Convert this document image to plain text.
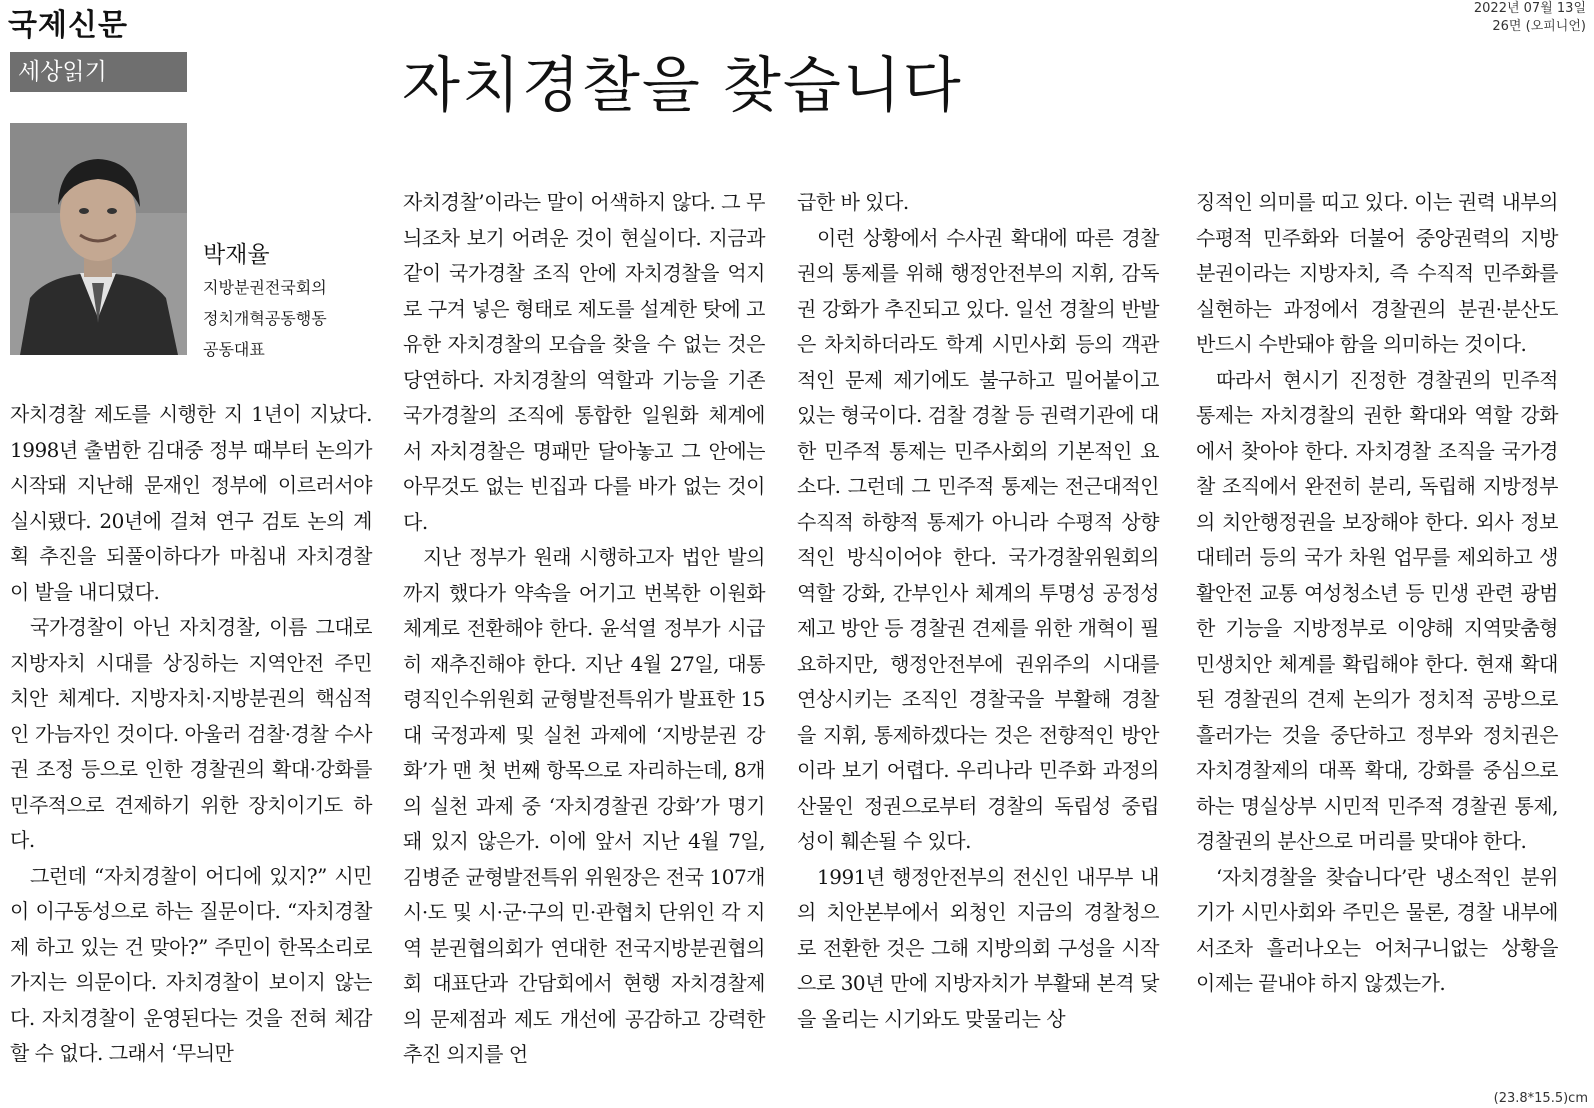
국제신문	2022년 07월 13일
26면 (오피니언)
세상읽기	자치경찰을 찾습니다
박재율
지방분권전국회의
정치개혁공동행동
공동대표

자치경찰 제도를 시행한 지 1년이 지났다. 1998년 출범한 김대중 정부 때부터 논의가 시작돼 지난해 문재인 정부에 이르러서야 실시됐다. 20년에 걸쳐 연구 검토 논의 계획 추진을 되풀이하다가 마침내 자치경찰이 발을 내디뎠다.

국가경찰이 아닌 자치경찰, 이름 그대로 지방자치 시대를 상징하는 지역안전 주민치안 체계다. 지방자치·지방분권의 핵심적인 가늠자인 것이다. 아울러 검찰·경찰 수사권 조정 등으로 인한 경찰권의 확대·강화를 민주적으로 견제하기 위한 장치이기도 하다.

그런데 “자치경찰이 어디에 있지?” 시민이 이구동성으로 하는 질문이다. “자치경찰제 하고 있는 건 맞아?” 주민이 한목소리로 가지는 의문이다. 자치경찰이 보이지 않는다. 자치경찰이 운영된다는 것을 전혀 체감할 수 없다. 그래서 ‘무늬만

자치경찰’이라는 말이 어색하지 않다. 그 무늬조차 보기 어려운 것이 현실이다. 지금과 같이 국가경찰 조직 안에 자치경찰을 억지로 구겨 넣은 형태로 제도를 설계한 탓에 고유한 자치경찰의 모습을 찾을 수 없는 것은 당연하다. 자치경찰의 역할과 기능을 기존 국가경찰의 조직에 통합한 일원화 체계에서 자치경찰은 명패만 달아놓고 그 안에는 아무것도 없는 빈집과 다를 바가 없는 것이다.

지난 정부가 원래 시행하고자 법안 발의까지 했다가 약속을 어기고 번복한 이원화 체계로 전환해야 한다. 윤석열 정부가 시급히 재추진해야 한다. 지난 4월 27일, 대통령직인수위원회 균형발전특위가 발표한 15대 국정과제 및 실천 과제에 ‘지방분권 강화’가 맨 첫 번째 항목으로 자리하는데, 8개의 실천 과제 중 ‘자치경찰권 강화’가 명기돼 있지 않은가. 이에 앞서 지난 4월 7일, 김병준 균형발전특위 위원장은 전국 107개 시·도 및 시·군·구의 민·관협치 단위인 각 지역 분권협의회가 연대한 전국지방분권협의회 대표단과 간담회에서 현행 자치경찰제의 문제점과 제도 개선에 공감하고 강력한 추진 의지를 언

급한 바 있다.

이런 상황에서 수사권 확대에 따른 경찰권의 통제를 위해 행정안전부의 지휘, 감독권 강화가 추진되고 있다. 일선 경찰의 반발은 차치하더라도 학계 시민사회 등의 객관적인 문제 제기에도 불구하고 밀어붙이고 있는 형국이다. 검찰 경찰 등 권력기관에 대한 민주적 통제는 민주사회의 기본적인 요소다. 그런데 그 민주적 통제는 전근대적인 수직적 하향적 통제가 아니라 수평적 상향적인 방식이어야 한다. 국가경찰위원회의 역할 강화, 간부인사 체계의 투명성 공정성 제고 방안 등 경찰권 견제를 위한 개혁이 필요하지만, 행정안전부에 권위주의 시대를 연상시키는 조직인 경찰국을 부활해 경찰을 지휘, 통제하겠다는 것은 전향적인 방안이라 보기 어렵다. 우리나라 민주화 과정의 산물인 정권으로부터 경찰의 독립성 중립성이 훼손될 수 있다.

1991년 행정안전부의 전신인 내무부 내의 치안본부에서 외청인 지금의 경찰청으로 전환한 것은 그해 지방의회 구성을 시작으로 30년 만에 지방자치가 부활돼 본격 닻을 올리는 시기와도 맞물리는 상

징적인 의미를 띠고 있다. 이는 권력 내부의 수평적 민주화와 더불어 중앙권력의 지방분권이라는 지방자치, 즉 수직적 민주화를 실현하는 과정에서 경찰권의 분권·분산도 반드시 수반돼야 함을 의미하는 것이다.

따라서 현시기 진정한 경찰권의 민주적 통제는 자치경찰의 권한 확대와 역할 강화에서 찾아야 한다. 자치경찰 조직을 국가경찰 조직에서 완전히 분리, 독립해 지방정부의 치안행정권을 보장해야 한다. 외사 정보 대테러 등의 국가 차원 업무를 제외하고 생활안전 교통 여성청소년 등 민생 관련 광범한 기능을 지방정부로 이양해 지역맞춤형 민생치안 체계를 확립해야 한다. 현재 확대된 경찰권의 견제 논의가 정치적 공방으로 흘러가는 것을 중단하고 정부와 정치권은 자치경찰제의 대폭 확대, 강화를 중심으로 하는 명실상부 시민적 민주적 경찰권 통제, 경찰권의 분산으로 머리를 맞대야 한다.

‘자치경찰을 찾습니다’란 냉소적인 분위기가 시민사회와 주민은 물론, 경찰 내부에서조차 흘러나오는 어처구니없는 상황을 이제는 끝내야 하지 않겠는가.

(23.8*15.5)cm
